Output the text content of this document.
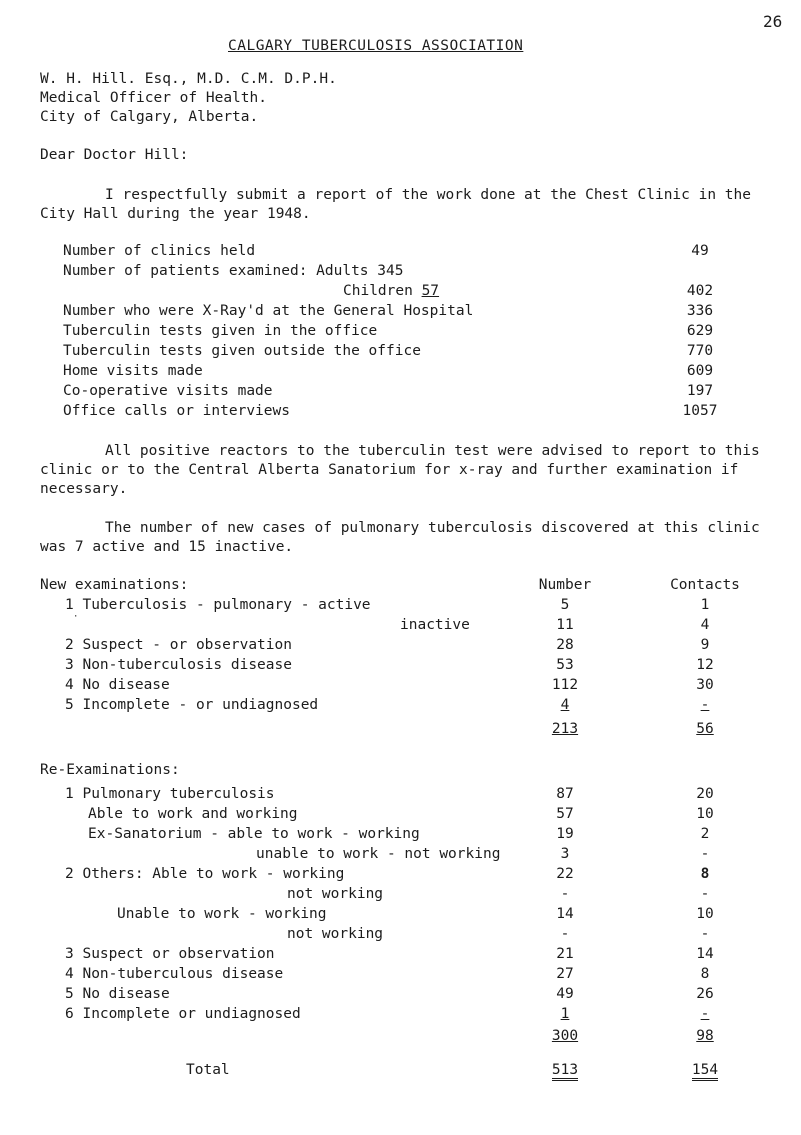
26
CALGARY TUBERCULOSIS ASSOCIATION
W. H. Hill. Esq., M.D. C.M. D.P.H.
Medical Officer of Health.
City of Calgary, Alberta.
Dear Doctor Hill:
I respectfully submit a report of the work done at the Chest Clinic in the City Hall during the year 1948.
Number of clinics held	49
Number of patients examined: Adults 345
Children 57	402
Number who were X-Ray'd at the General Hospital	336
Tuberculin tests given in the office	629
Tuberculin tests given outside the office	770
Home visits made	609
Co-operative visits made	197
Office calls or interviews	1057
All positive reactors to the tuberculin test were advised to report to this clinic or to the Central Alberta Sanatorium for x-ray and further examination if necessary.
The number of new cases of pulmonary tuberculosis discovered at this clinic was 7 active and 15 inactive.
New examinations:	Number	Contacts
1 Tuberculosis - pulmonary - active	5	1
·	inactive	11	4
2 Suspect - or observation	28	9
3 Non-tuberculosis disease	53	12
4 No disease	112	30
5 Incomplete - or undiagnosed	4	-
213	56
Re-Examinations:
1 Pulmonary tuberculosis	87	20
Able to work and working	57	10
Ex-Sanatorium - able to work - working	19	2
unable to work - not working	3	-
2 Others: Able to work - working	22	8
not working	-	-
Unable to work - working	14	10
not working	-	-
3 Suspect or observation	21	14
4 Non-tuberculous disease	27	8
5 No disease	49	26
6 Incomplete or undiagnosed	1	-
300	98
Total	513	154
